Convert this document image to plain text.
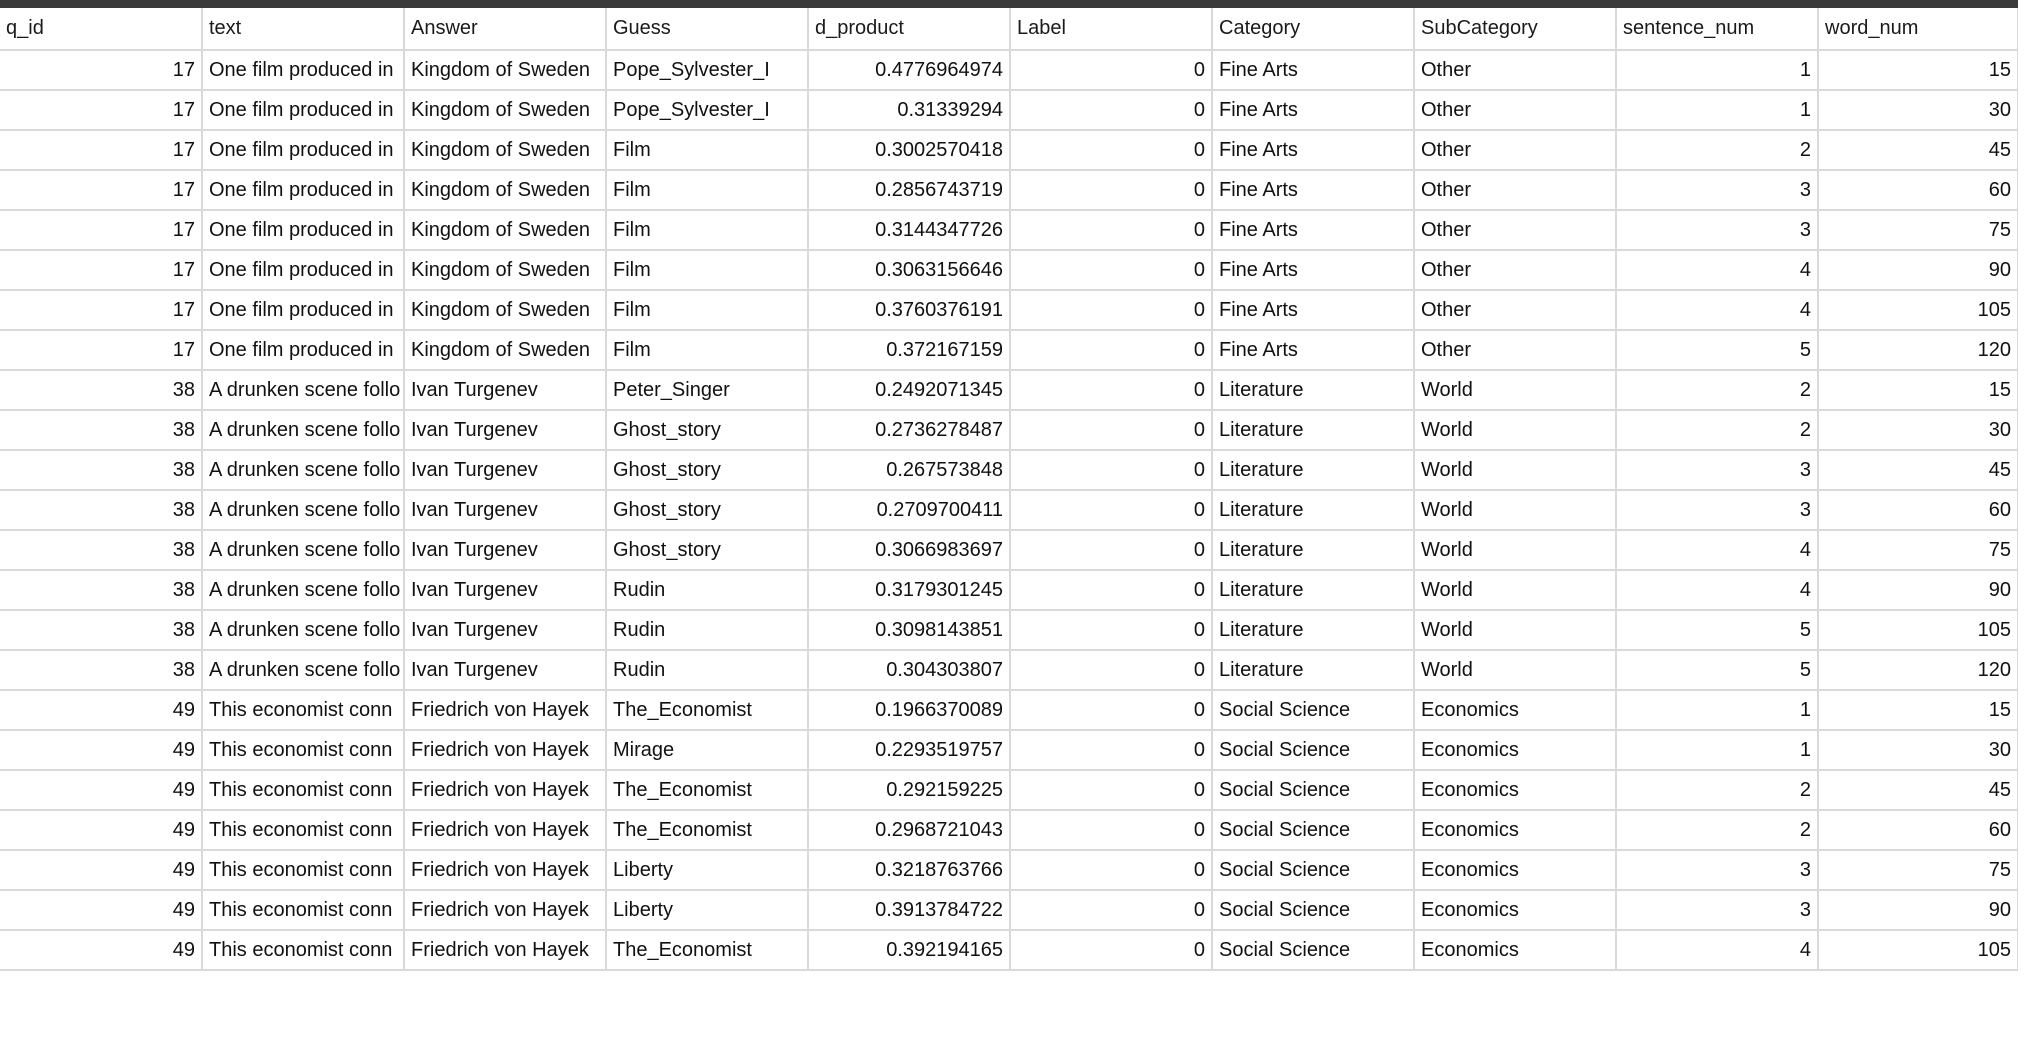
q_id	text	Answer	Guess	d_product	Label	Category	SubCategory	sentence_num	word_num
17	One film produced in	Kingdom of Sweden	Pope_Sylvester_I	0.4776964974	0	Fine Arts	Other	1	15
17	One film produced in	Kingdom of Sweden	Pope_Sylvester_I	0.31339294	0	Fine Arts	Other	1	30
17	One film produced in	Kingdom of Sweden	Film	0.3002570418	0	Fine Arts	Other	2	45
17	One film produced in	Kingdom of Sweden	Film	0.2856743719	0	Fine Arts	Other	3	60
17	One film produced in	Kingdom of Sweden	Film	0.3144347726	0	Fine Arts	Other	3	75
17	One film produced in	Kingdom of Sweden	Film	0.3063156646	0	Fine Arts	Other	4	90
17	One film produced in	Kingdom of Sweden	Film	0.3760376191	0	Fine Arts	Other	4	105
17	One film produced in	Kingdom of Sweden	Film	0.372167159	0	Fine Arts	Other	5	120
38	A drunken scene follo	Ivan Turgenev	Peter_Singer	0.2492071345	0	Literature	World	2	15
38	A drunken scene follo	Ivan Turgenev	Ghost_story	0.2736278487	0	Literature	World	2	30
38	A drunken scene follo	Ivan Turgenev	Ghost_story	0.267573848	0	Literature	World	3	45
38	A drunken scene follo	Ivan Turgenev	Ghost_story	0.2709700411	0	Literature	World	3	60
38	A drunken scene follo	Ivan Turgenev	Ghost_story	0.3066983697	0	Literature	World	4	75
38	A drunken scene follo	Ivan Turgenev	Rudin	0.3179301245	0	Literature	World	4	90
38	A drunken scene follo	Ivan Turgenev	Rudin	0.3098143851	0	Literature	World	5	105
38	A drunken scene follo	Ivan Turgenev	Rudin	0.304303807	0	Literature	World	5	120
49	This economist conn	Friedrich von Hayek	The_Economist	0.1966370089	0	Social Science	Economics	1	15
49	This economist conn	Friedrich von Hayek	Mirage	0.2293519757	0	Social Science	Economics	1	30
49	This economist conn	Friedrich von Hayek	The_Economist	0.292159225	0	Social Science	Economics	2	45
49	This economist conn	Friedrich von Hayek	The_Economist	0.2968721043	0	Social Science	Economics	2	60
49	This economist conn	Friedrich von Hayek	Liberty	0.3218763766	0	Social Science	Economics	3	75
49	This economist conn	Friedrich von Hayek	Liberty	0.3913784722	0	Social Science	Economics	3	90
49	This economist conn	Friedrich von Hayek	The_Economist	0.392194165	0	Social Science	Economics	4	105
